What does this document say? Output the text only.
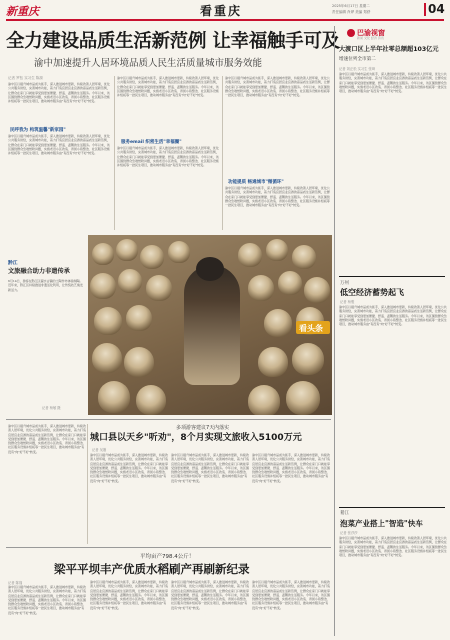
新重庆	看重庆	2025年6月17日 星期二
责任编辑 肖烨 美编 郑舒	04
全力建设品质生活新范例 让幸福触手可及
渝中加速提升人居环境品质人民生活质量城市服务效能
记者 罗钰 实习生 陈源
渝中区以提升城市品质为抓手，深入推进城市更新，持续改善人居环境，优化公共服务供给，完善城市功能，着力打造宜居宜业宜游的高品质生活新范例，让群众在家门口就能享受到更加便捷、舒适、温馨的生活服务。今年以来，该区围绕群众急难愁盼问题，实施老旧小区改造、背街小巷整治、社区服务设施补短板等一批民生项目，推动城市服务由"有没有"向"好不好"转变。
民呼我为 构筑温馨"新家园"
渝中区以提升城市品质为抓手，深入推进城市更新，持续改善人居环境，优化公共服务供给，完善城市功能，着力打造宜居宜业宜游的高品质生活新范例，让群众在家门口就能享受到更加便捷、舒适、温馨的生活服务。今年以来，该区围绕群众急难愁盼问题，实施老旧小区改造、背街小巷整治、社区服务设施补短板等一批民生项目，推动城市服务由"有没有"向"好不好"转变。
渝中区以提升城市品质为抓手，深入推进城市更新，持续改善人居环境，优化公共服务供给，完善城市功能，着力打造宜居宜业宜游的高品质生活新范例，让群众在家门口就能享受到更加便捷、舒适、温馨的生活服务。今年以来，该区围绕群众急难愁盼问题，实施老旧小区改造、背街小巷整治、社区服务设施补短板等一批民生项目，推动城市服务由"有没有"向"好不好"转变。
服务email 织密生活"幸福圈"
渝中区以提升城市品质为抓手，深入推进城市更新，持续改善人居环境，优化公共服务供给，完善城市功能，着力打造宜居宜业宜游的高品质生活新范例，让群众在家门口就能享受到更加便捷、舒适、温馨的生活服务。今年以来，该区围绕群众急难愁盼问题，实施老旧小区改造、背街小巷整治、社区服务设施补短板等一批民生项目，推动城市服务由"有没有"向"好不好"转变。
渝中区以提升城市品质为抓手，深入推进城市更新，持续改善人居环境，优化公共服务供给，完善城市功能，着力打造宜居宜业宜游的高品质生活新范例，让群众在家门口就能享受到更加便捷、舒适、温馨的生活服务。今年以来，该区围绕群众急难愁盼问题，实施老旧小区改造、背街小巷整治、社区服务设施补短板等一批民生项目，推动城市服务由"有没有"向"好不好"转变。
功能提质 畅通城市"微循环"
渝中区以提升城市品质为抓手，深入推进城市更新，持续改善人居环境，优化公共服务供给，完善城市功能，着力打造宜居宜业宜游的高品质生活新范例，让群众在家门口就能享受到更加便捷、舒适、温馨的生活服务。今年以来，该区围绕群众急难愁盼问题，实施老旧小区改造、背街小巷整治、社区服务设施补短板等一批民生项目，推动城市服务由"有没有"向"好不好"转变。
巴渝视窗
新闻 文化 经济 资讯
大渡口区上半年社零总额超103亿元
增速位列全市第二
记者 刘正松 实习生 张琦
渝中区以提升城市品质为抓手，深入推进城市更新，持续改善人居环境，优化公共服务供给，完善城市功能，着力打造宜居宜业宜游的高品质生活新范例，让群众在家门口就能享受到更加便捷、舒适、温馨的生活服务。今年以来，该区围绕群众急难愁盼问题，实施老旧小区改造、背街小巷整治、社区服务设施补短板等一批民生项目，推动城市服务由"有没有"向"好不好"转变。
万州
低空经济蓄势起飞
记者 杨骏
渝中区以提升城市品质为抓手，深入推进城市更新，持续改善人居环境，优化公共服务供给，完善城市功能，着力打造宜居宜业宜游的高品质生活新范例，让群众在家门口就能享受到更加便捷、舒适、温馨的生活服务。今年以来，该区围绕群众急难愁盼问题，实施老旧小区改造、背街小巷整治、社区服务设施补短板等一批民生项目，推动城市服务由"有没有"向"好不好"转变。
綦江
泡菜产业搭上"智造"快车
记者 张莎莎
渝中区以提升城市品质为抓手，深入推进城市更新，持续改善人居环境，优化公共服务供给，完善城市功能，着力打造宜居宜业宜游的高品质生活新范例，让群众在家门口就能享受到更加便捷、舒适、温馨的生活服务。今年以来，该区围绕群众急难愁盼问题，实施老旧小区改造、背街小巷整治、社区服务设施补短板等一批民生项目，推动城市服务由"有没有"向"好不好"转变。
看头条
黔江
文旅融合助力非遗传承
6月14日，游客在黔江区濯水古镇的土陶作坊体验制陶。近年来，黔江区持续推进非遗活化利用，让传统技艺焕发新活力。
记者 杨敏 摄
渝中区以提升城市品质为抓手，深入推进城市更新，持续改善人居环境，优化公共服务供给，完善城市功能，着力打造宜居宜业宜游的高品质生活新范例，让群众在家门口就能享受到更加便捷、舒适、温馨的生活服务。今年以来，该区围绕群众急难愁盼问题，实施老旧小区改造、背街小巷整治、社区服务设施补短板等一批民生项目，推动城市服务由"有没有"向"好不好"转变。
多项游客建议7天内落实
城口县以天乡"听劝"，8个月实现文旅收入5100万元
记者 吴刚
渝中区以提升城市品质为抓手，深入推进城市更新，持续改善人居环境，优化公共服务供给，完善城市功能，着力打造宜居宜业宜游的高品质生活新范例，让群众在家门口就能享受到更加便捷、舒适、温馨的生活服务。今年以来，该区围绕群众急难愁盼问题，实施老旧小区改造、背街小巷整治、社区服务设施补短板等一批民生项目，推动城市服务由"有没有"向"好不好"转变。
渝中区以提升城市品质为抓手，深入推进城市更新，持续改善人居环境，优化公共服务供给，完善城市功能，着力打造宜居宜业宜游的高品质生活新范例，让群众在家门口就能享受到更加便捷、舒适、温馨的生活服务。今年以来，该区围绕群众急难愁盼问题，实施老旧小区改造、背街小巷整治、社区服务设施补短板等一批民生项目，推动城市服务由"有没有"向"好不好"转变。
渝中区以提升城市品质为抓手，深入推进城市更新，持续改善人居环境，优化公共服务供给，完善城市功能，着力打造宜居宜业宜游的高品质生活新范例，让群众在家门口就能享受到更加便捷、舒适、温馨的生活服务。今年以来，该区围绕群众急难愁盼问题，实施老旧小区改造、背街小巷整治、社区服务设施补短板等一批民生项目，推动城市服务由"有没有"向"好不好"转变。
平均亩产798.4公斤！
梁平平坝丰产优质水稻刷产再刷新纪录
记者 陈翔
渝中区以提升城市品质为抓手，深入推进城市更新，持续改善人居环境，优化公共服务供给，完善城市功能，着力打造宜居宜业宜游的高品质生活新范例，让群众在家门口就能享受到更加便捷、舒适、温馨的生活服务。今年以来，该区围绕群众急难愁盼问题，实施老旧小区改造、背街小巷整治、社区服务设施补短板等一批民生项目，推动城市服务由"有没有"向"好不好"转变。
渝中区以提升城市品质为抓手，深入推进城市更新，持续改善人居环境，优化公共服务供给，完善城市功能，着力打造宜居宜业宜游的高品质生活新范例，让群众在家门口就能享受到更加便捷、舒适、温馨的生活服务。今年以来，该区围绕群众急难愁盼问题，实施老旧小区改造、背街小巷整治、社区服务设施补短板等一批民生项目，推动城市服务由"有没有"向"好不好"转变。
渝中区以提升城市品质为抓手，深入推进城市更新，持续改善人居环境，优化公共服务供给，完善城市功能，着力打造宜居宜业宜游的高品质生活新范例，让群众在家门口就能享受到更加便捷、舒适、温馨的生活服务。今年以来，该区围绕群众急难愁盼问题，实施老旧小区改造、背街小巷整治、社区服务设施补短板等一批民生项目，推动城市服务由"有没有"向"好不好"转变。
渝中区以提升城市品质为抓手，深入推进城市更新，持续改善人居环境，优化公共服务供给，完善城市功能，着力打造宜居宜业宜游的高品质生活新范例，让群众在家门口就能享受到更加便捷、舒适、温馨的生活服务。今年以来，该区围绕群众急难愁盼问题，实施老旧小区改造、背街小巷整治、社区服务设施补短板等一批民生项目，推动城市服务由"有没有"向"好不好"转变。
